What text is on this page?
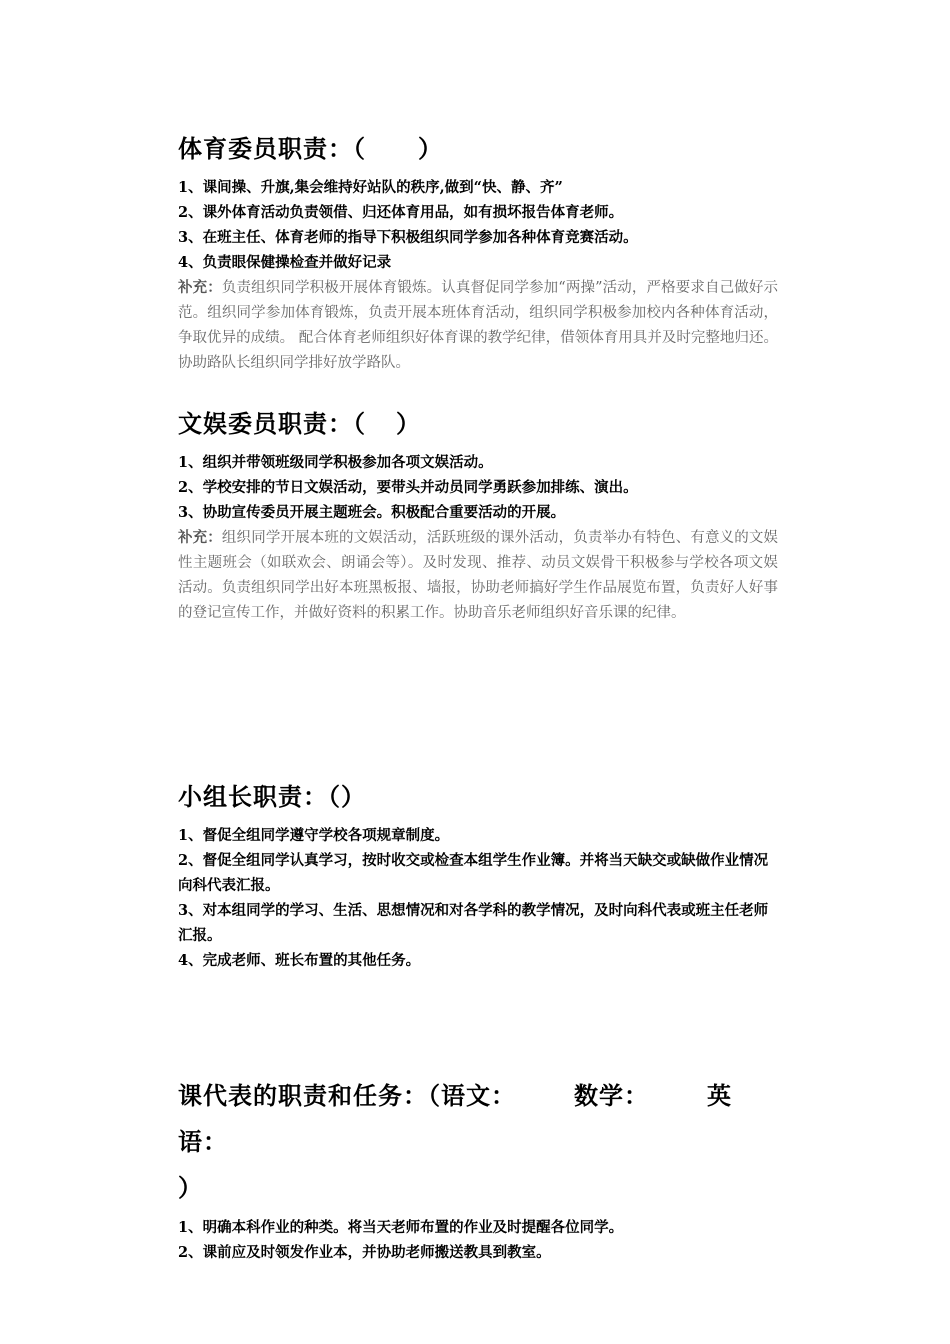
体育委员职责：（ ）

1、课间操、升旗,集会维持好站队的秩序,做到“快、静、齐”

2、课外体育活动负责领借、归还体育用品，如有损坏报告体育老师。

3、在班主任、体育老师的指导下积极组织同学参加各种体育竞赛活动。

4、负责眼保健操检查并做好记录

补充：负责组织同学积极开展体育锻炼。认真督促同学参加“两操”活动，严格要求自己做好示范。组织同学参加体育锻炼，负责开展本班体育活动，组织同学积极参加校内各种体育活动，争取优异的成绩。 配合体育老师组织好体育课的教学纪律，借领体育用具并及时完整地归还。协助路队长组织同学排好放学路队。

文娱委员职责：（ ）

1、组织并带领班级同学积极参加各项文娱活动。

2、学校安排的节日文娱活动，要带头并动员同学勇跃参加排练、演出。

3、协助宣传委员开展主题班会。积极配合重要活动的开展。

补充：组织同学开展本班的文娱活动，活跃班级的课外活动，负责举办有特色、有意义的文娱性主题班会（如联欢会、朗诵会等）。及时发现、推荐、动员文娱骨干积极参与学校各项文娱活动。负责组织同学出好本班黑板报、墙报，协助老师搞好学生作品展览布置，负责好人好事的登记宣传工作，并做好资料的积累工作。协助音乐老师组织好音乐课的纪律。

小组长职责：（）

1、督促全组同学遵守学校各项规章制度。

2、督促全组同学认真学习，按时收交或检查本组学生作业簿。并将当天缺交或缺做作业情况向科代表汇报。

3、对本组同学的学习、生活、思想情况和对各学科的教学情况，及时向科代表或班主任老师汇报。

4、完成老师、班长布置的其他任务。

课代表的职责和任务：（语文： 数学： 英语：
）

1、明确本科作业的种类。将当天老师布置的作业及时提醒各位同学。

2、课前应及时领发作业本，并协助老师搬送教具到教室。
